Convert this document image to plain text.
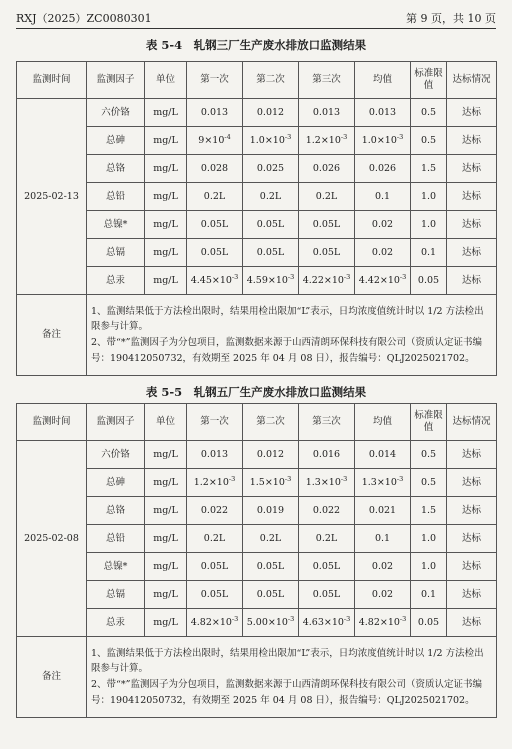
RXJ（2025）ZC0080301	第 9 页，共 10 页
表 5-4　轧钢三厂生产废水排放口监测结果
监测时间	监测因子	单位	第一次	第二次	第三次	均值	标准限值	达标情况
2025-02-13	六价铬	mg/L	0.013	0.012	0.013	0.013	0.5	达标
	总砷	mg/L	$9\times 10^{-4}$	$1.0\times 10^{-3}$	$1.2\times 10^{-3}$	$1.0\times 10^{-3}$	0.5	达标
	总铬	mg/L	0.028	0.025	0.026	0.026	1.5	达标
	总铅	mg/L	0.2L	0.2L	0.2L	0.1	1.0	达标
	总镍*	mg/L	0.05L	0.05L	0.05L	0.02	1.0	达标
	总镉	mg/L	0.05L	0.05L	0.05L	0.02	0.1	达标
	总汞	mg/L	$4.45\times 10^{-3}$	$4.59\times 10^{-3}$	$4.22\times 10^{-3}$	$4.42\times 10^{-3}$	0.05	达标
备注	1、监测结果低于方法检出限时，结果用检出限加“L”表示，日均浓度值统计时以 1/2 方法检出限参与计算。

2、带“*”监测因子为分包项目，监测数据来源于山西清朗环保科技有限公司（资质认定证书编号：190412050732，有效期至 2025 年 04 月 08 日），报告编号：QLJ2025021702。							

表 5-5　轧钢五厂生产废水排放口监测结果
监测时间	监测因子	单位	第一次	第二次	第三次	均值	标准限值	达标情况
2025-02-08	六价铬	mg/L	0.013	0.012	0.016	0.014	0.5	达标
	总砷	mg/L	$1.2\times 10^{-3}$	$1.5\times 10^{-3}$	$1.3\times 10^{-3}$	$1.3\times 10^{-3}$	0.5	达标
	总铬	mg/L	0.022	0.019	0.022	0.021	1.5	达标
	总铅	mg/L	0.2L	0.2L	0.2L	0.1	1.0	达标
	总镍*	mg/L	0.05L	0.05L	0.05L	0.02	1.0	达标
	总镉	mg/L	0.05L	0.05L	0.05L	0.02	0.1	达标
	总汞	mg/L	$4.82\times 10^{-3}$	$5.00\times 10^{-3}$	$4.63\times 10^{-3}$	$4.82\times 10^{-3}$	0.05	达标
备注	1、监测结果低于方法检出限时，结果用检出限加“L”表示，日均浓度值统计时以 1/2 方法检出限参与计算。

2、带“*”监测因子为分包项目，监测数据来源于山西清朗环保科技有限公司（资质认定证书编号：190412050732，有效期至 2025 年 04 月 08 日），报告编号：QLJ2025021702。							
